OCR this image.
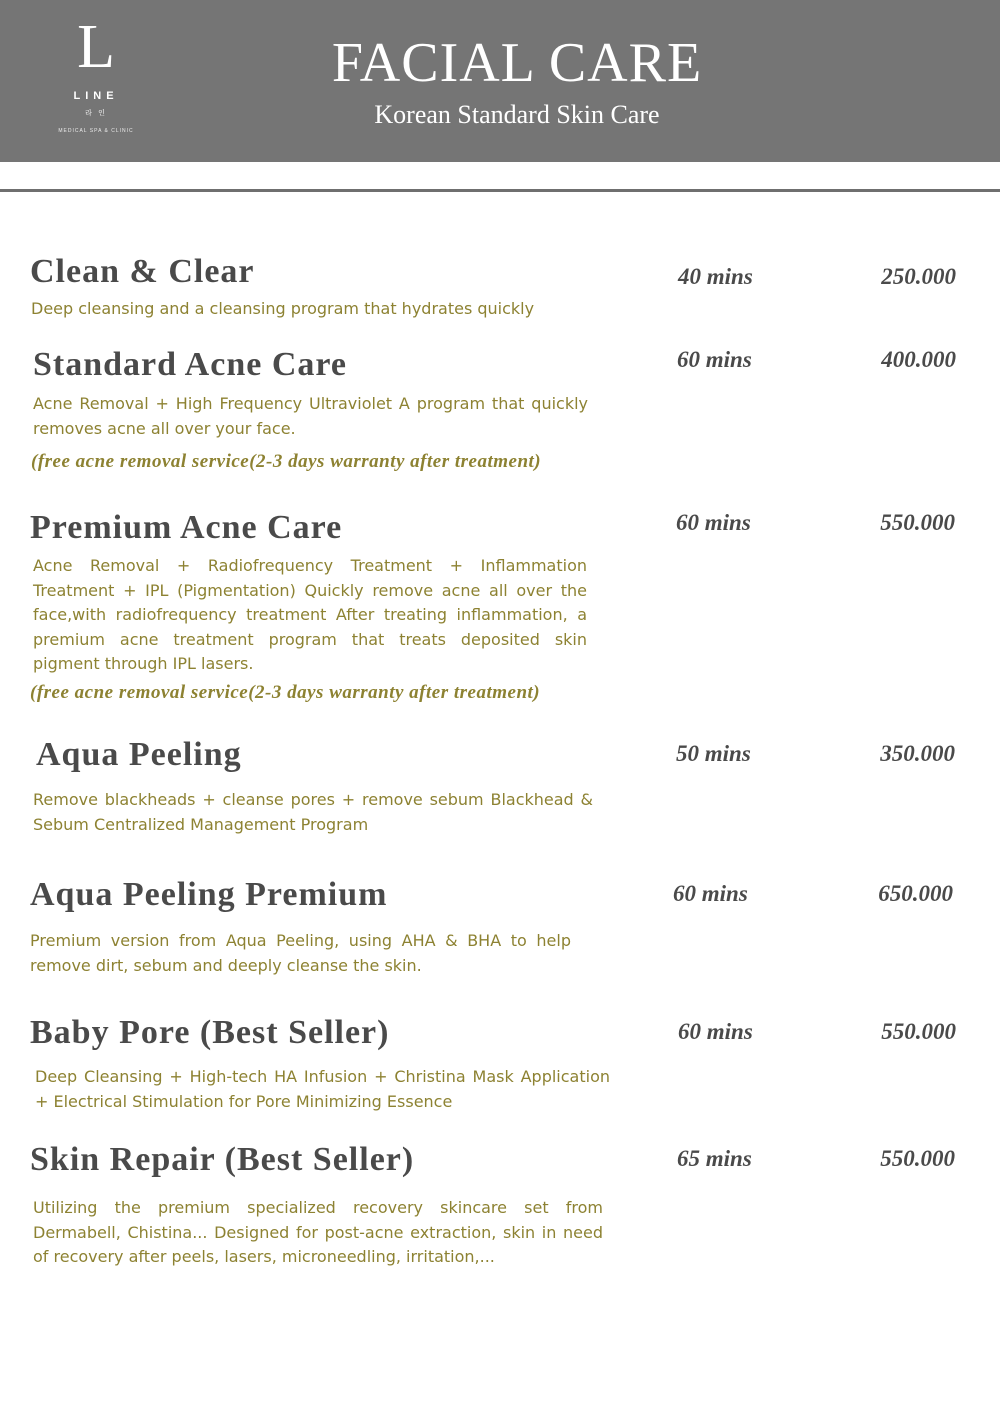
L
LINE
라 인
MEDICAL SPA & CLINIC
FACIAL CARE
Korean Standard Skin Care
Clean & Clear	40 mins	250.000
Deep cleansing and a cleansing program that hydrates quickly
Standard Acne Care	60 mins	400.000
Acne Removal + High Frequency Ultraviolet A program that quickly removes acne all over your face.
(free acne removal service(2-3 days warranty after treatment)
Premium Acne Care	60 mins	550.000
Acne Removal + Radiofrequency Treatment + Inflammation Treatment + IPL (Pigmentation) Quickly remove acne all over the face,with radiofrequency treatment After treating inflammation, a premium acne treatment program that treats deposited skin pigment through IPL lasers.
(free acne removal service(2-3 days warranty after treatment)
Aqua Peeling	50 mins	350.000
Remove blackheads + cleanse pores + remove sebum Blackhead & Sebum Centralized Management Program
Aqua Peeling Premium	60 mins	650.000
Premium version from Aqua Peeling, using AHA & BHA to help remove dirt, sebum and deeply cleanse the skin.
Baby Pore (Best Seller)	60 mins	550.000
Deep Cleansing + High-tech HA Infusion + Christina Mask Application + Electrical Stimulation for Pore Minimizing Essence
Skin Repair (Best Seller)	65 mins	550.000
Utilizing the premium specialized recovery skincare set from Dermabell, Chistina... Designed for post-acne extraction, skin in need of recovery after peels, lasers, microneedling, irritation,...
